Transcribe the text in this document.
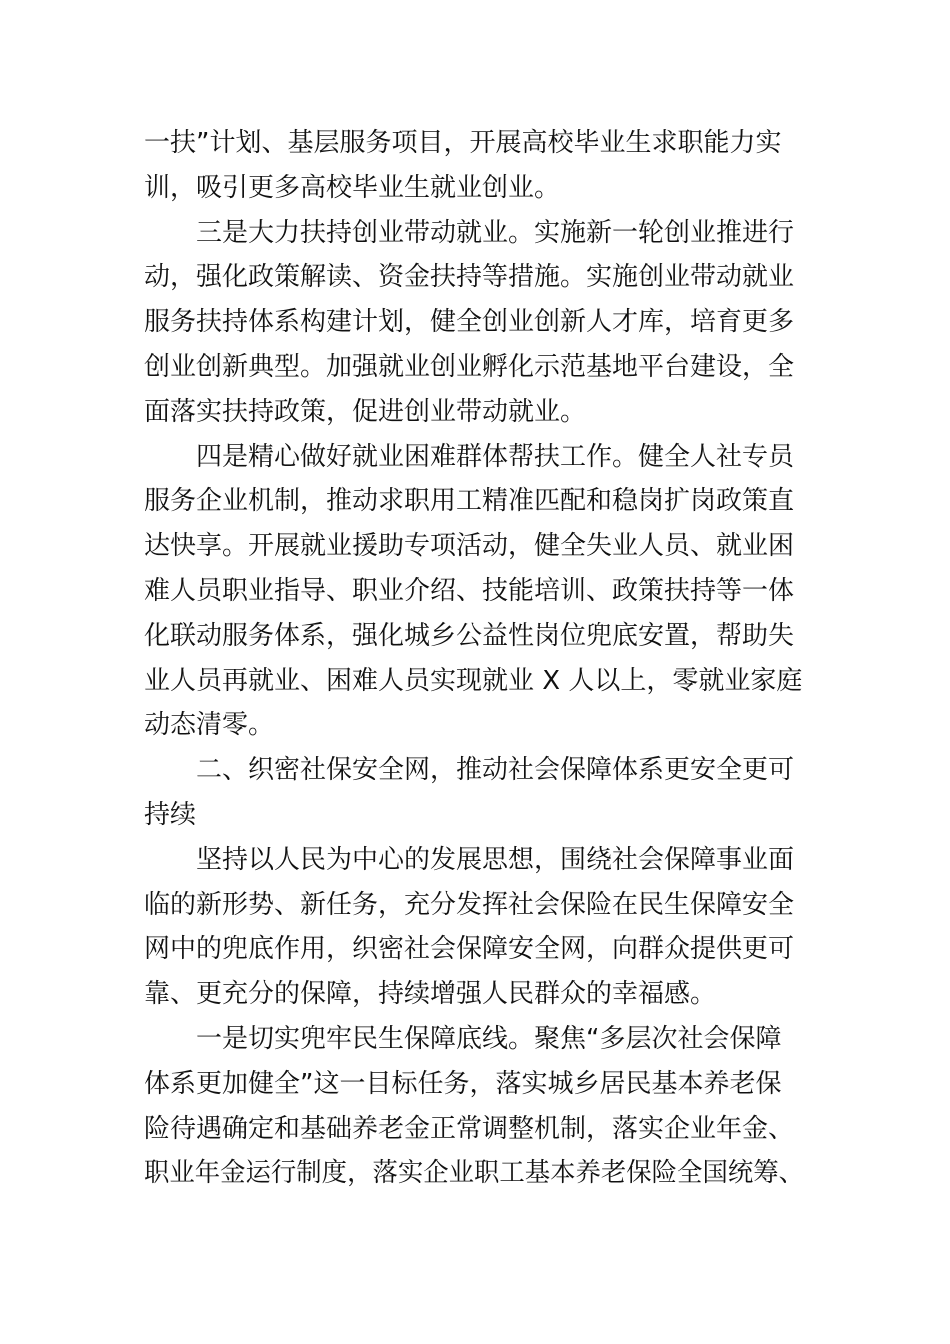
一扶”计划、基层服务项目，开展高校毕业生求职能力实
训，吸引更多高校毕业生就业创业。
三是大力扶持创业带动就业。实施新一轮创业推进行
动，强化政策解读、资金扶持等措施。实施创业带动就业
服务扶持体系构建计划，健全创业创新人才库，培育更多
创业创新典型。加强就业创业孵化示范基地平台建设，全
面落实扶持政策，促进创业带动就业。
四是精心做好就业困难群体帮扶工作。健全人社专员
服务企业机制，推动求职用工精准匹配和稳岗扩岗政策直
达快享。开展就业援助专项活动，健全失业人员、就业困
难人员职业指导、职业介绍、技能培训、政策扶持等一体
化联动服务体系，强化城乡公益性岗位兜底安置，帮助失
业人员再就业、困难人员实现就业 X 人以上，零就业家庭
动态清零。
二、织密社保安全网，推动社会保障体系更安全更可
持续
坚持以人民为中心的发展思想，围绕社会保障事业面
临的新形势、新任务，充分发挥社会保险在民生保障安全
网中的兜底作用，织密社会保障安全网，向群众提供更可
靠、更充分的保障，持续增强人民群众的幸福感。
一是切实兜牢民生保障底线。聚焦“多层次社会保障
体系更加健全”这一目标任务，落实城乡居民基本养老保
险待遇确定和基础养老金正常调整机制，落实企业年金、
职业年金运行制度，落实企业职工基本养老保险全国统筹、
